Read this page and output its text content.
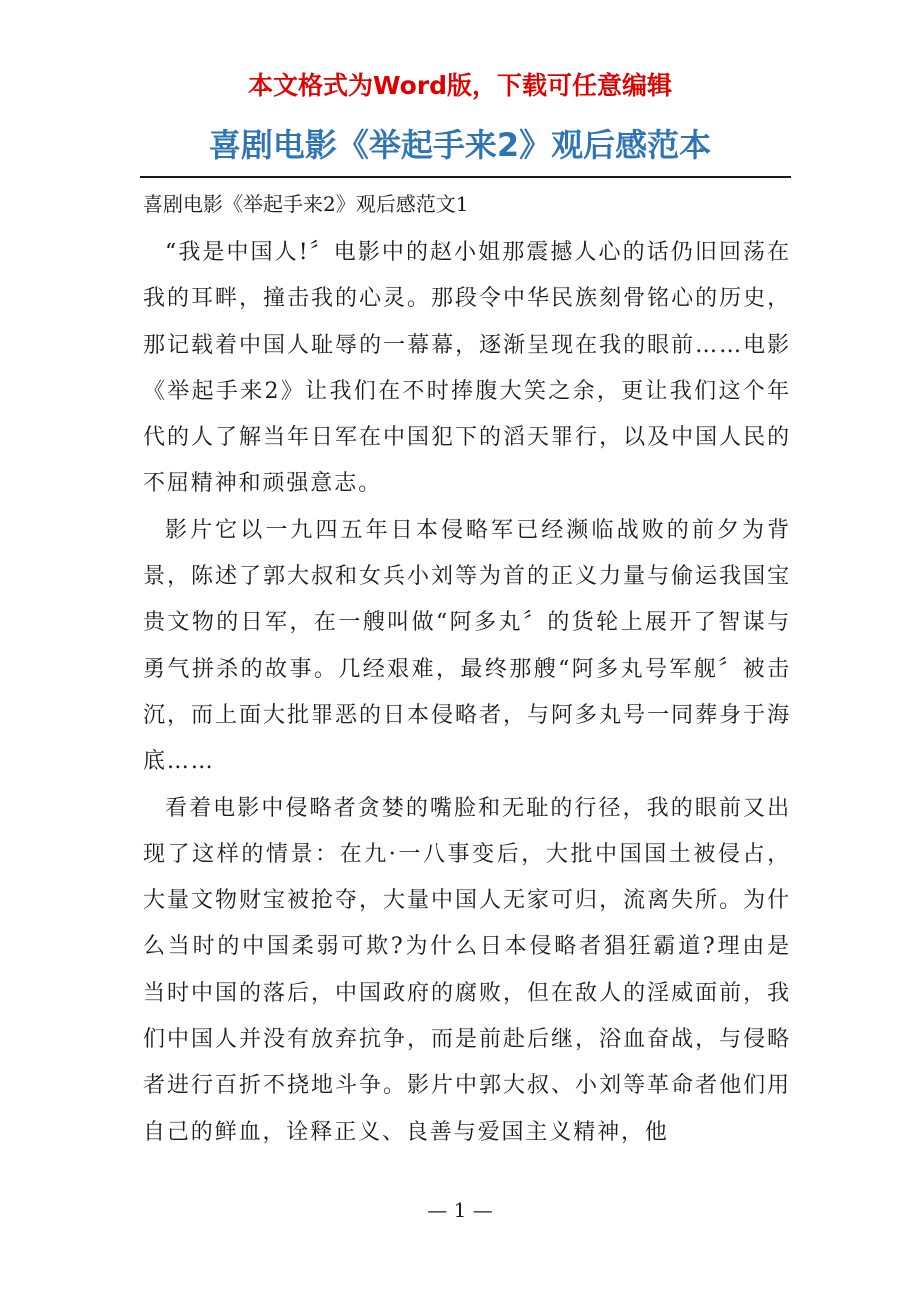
本文格式为Word版，下载可任意编辑

喜剧电影《举起手来2》观后感范本

喜剧电影《举起手来2》观后感范文1

“我是中国人!〞电影中的赵小姐那震撼人心的话仍旧回荡在我的耳畔，撞击我的心灵。那段令中华民族刻骨铭心的历史，那记载着中国人耻辱的一幕幕，逐渐呈现在我的眼前……电影《举起手来2》让我们在不时捧腹大笑之余，更让我们这个年代的人了解当年日军在中国犯下的滔天罪行，以及中国人民的不屈精神和顽强意志。

影片它以一九四五年日本侵略军已经濒临战败的前夕为背景，陈述了郭大叔和女兵小刘等为首的正义力量与偷运我国宝贵文物的日军，在一艘叫做“阿多丸〞的货轮上展开了智谋与勇气拼杀的故事。几经艰难，最终那艘“阿多丸号军舰〞被击沉，而上面大批罪恶的日本侵略者，与阿多丸号一同葬身于海底……

看着电影中侵略者贪婪的嘴脸和无耻的行径，我的眼前又出现了这样的情景：在九·一八事变后，大批中国国土被侵占，大量文物财宝被抢夺，大量中国人无家可归，流离失所。为什么当时的中国柔弱可欺?为什么日本侵略者猖狂霸道?理由是当时中国的落后，中国政府的腐败，但在敌人的淫威面前，我们中国人并没有放弃抗争，而是前赴后继，浴血奋战，与侵略者进行百折不挠地斗争。影片中郭大叔、小刘等革命者他们用自己的鲜血，诠释正义、良善与爱国主义精神，他

— 1 —
